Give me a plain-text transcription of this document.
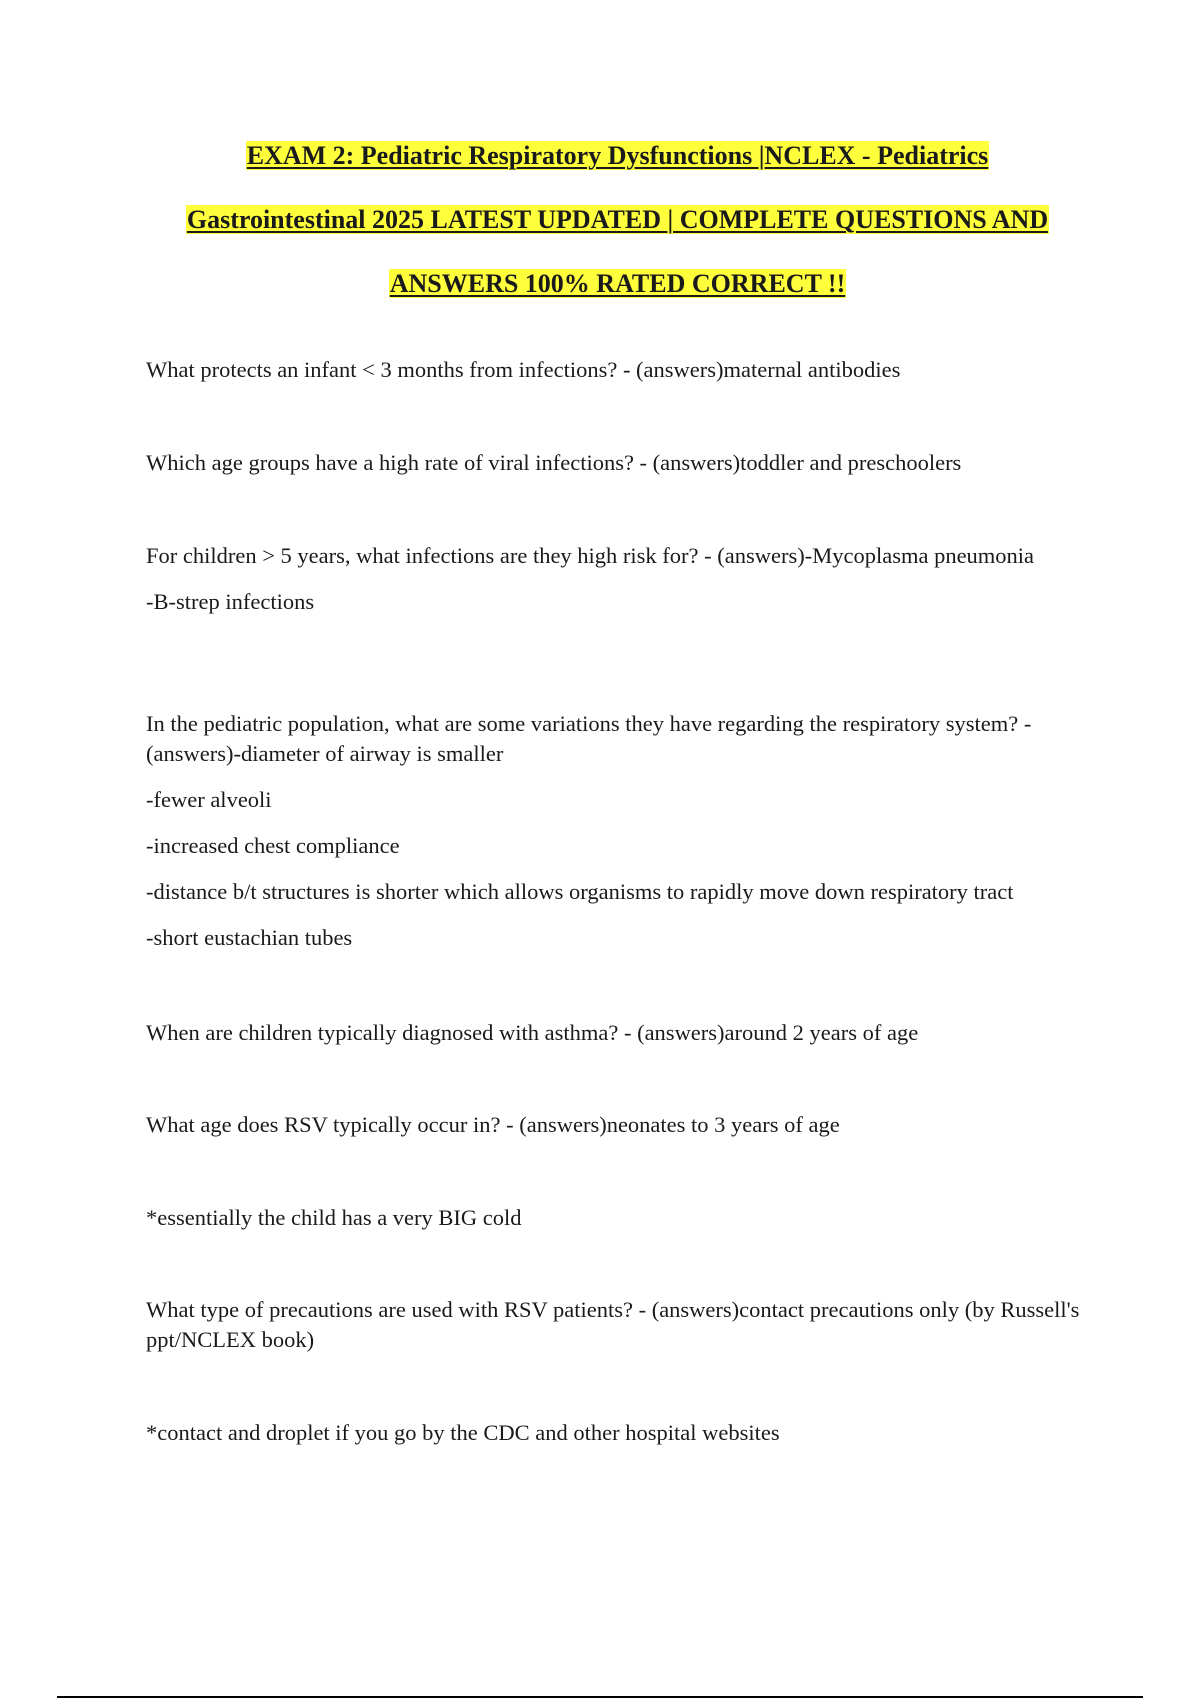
EXAM 2: Pediatric Respiratory Dysfunctions |NCLEX - Pediatrics
Gastrointestinal 2025 LATEST UPDATED | COMPLETE QUESTIONS AND
ANSWERS 100% RATED CORRECT !!

What protects an infant < 3 months from infections? - (answers)maternal antibodies

Which age groups have a high rate of viral infections? - (answers)toddler and preschoolers

For children > 5 years, what infections are they high risk for? - (answers)-Mycoplasma pneumonia

-B-strep infections

In the pediatric population, what are some variations they have regarding the respiratory system? - (answers)-diameter of airway is smaller

-fewer alveoli

-increased chest compliance

-distance b/t structures is shorter which allows organisms to rapidly move down respiratory tract

-short eustachian tubes

When are children typically diagnosed with asthma? - (answers)around 2 years of age

What age does RSV typically occur in? - (answers)neonates to 3 years of age

*essentially the child has a very BIG cold

What type of precautions are used with RSV patients? - (answers)contact precautions only (by Russell's ppt/NCLEX book)

*contact and droplet if you go by the CDC and other hospital websites
